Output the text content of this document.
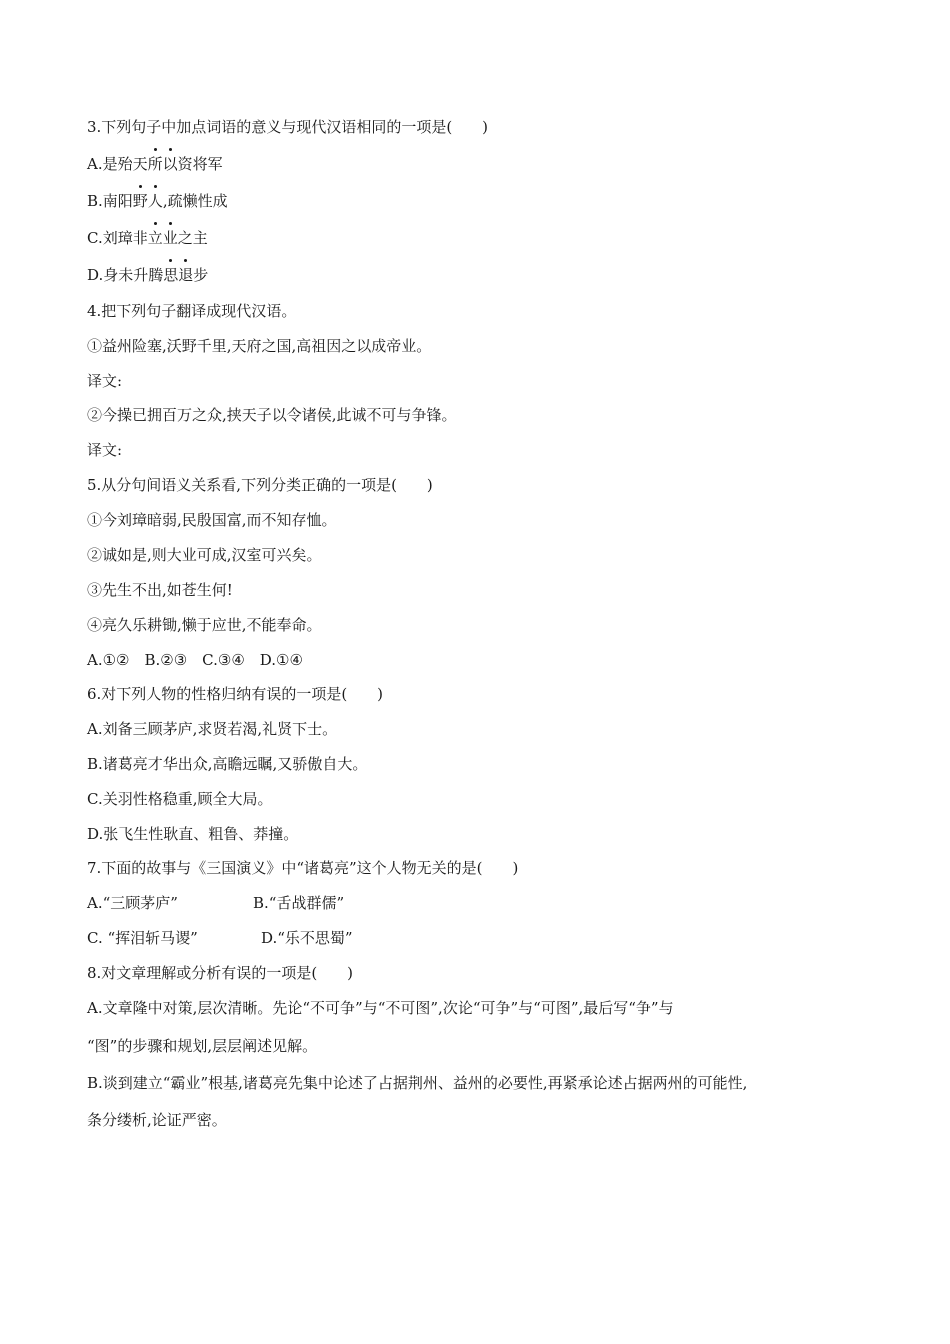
3.下列句子中加点词语的意义与现代汉语相同的一项是(　　)
A.是殆天所以资将军
B.南阳野人,疏懒性成
C.刘璋非立业之主
D.身未升腾思退步
4.把下列句子翻译成现代汉语。
①益州险塞,沃野千里,天府之国,高祖因之以成帝业。
译文:
②今操已拥百万之众,挟天子以令诸侯,此诚不可与争锋。
译文:
5.从分句间语义关系看,下列分类正确的一项是(　　)
①今刘璋暗弱,民殷国富,而不知存恤。
②诚如是,则大业可成,汉室可兴矣。
③先生不出,如苍生何!
④亮久乐耕锄,懒于应世,不能奉命。
A.①②　B.②③　C.③④　D.①④
6.对下列人物的性格归纳有误的一项是(　　)
A.刘备三顾茅庐,求贤若渴,礼贤下士。
B.诸葛亮才华出众,高瞻远瞩,又骄傲自大。
C.关羽性格稳重,顾全大局。
D.张飞生性耿直、粗鲁、莽撞。
7.下面的故事与《三国演义》中“诸葛亮”这个人物无关的是(　　)
A.“三顾茅庐”	B.“舌战群儒”
C. “挥泪斩马谡”	D.“乐不思蜀”
8.对文章理解或分析有误的一项是(　　)
A.文章隆中对策,层次清晰。先论“不可争”与“不可图”,次论“可争”与“可图”,最后写“争”与
“图”的步骤和规划,层层阐述见解。
B.谈到建立“霸业”根基,诸葛亮先集中论述了占据荆州、益州的必要性,再紧承论述占据两州的可能性,
条分缕析,论证严密。
